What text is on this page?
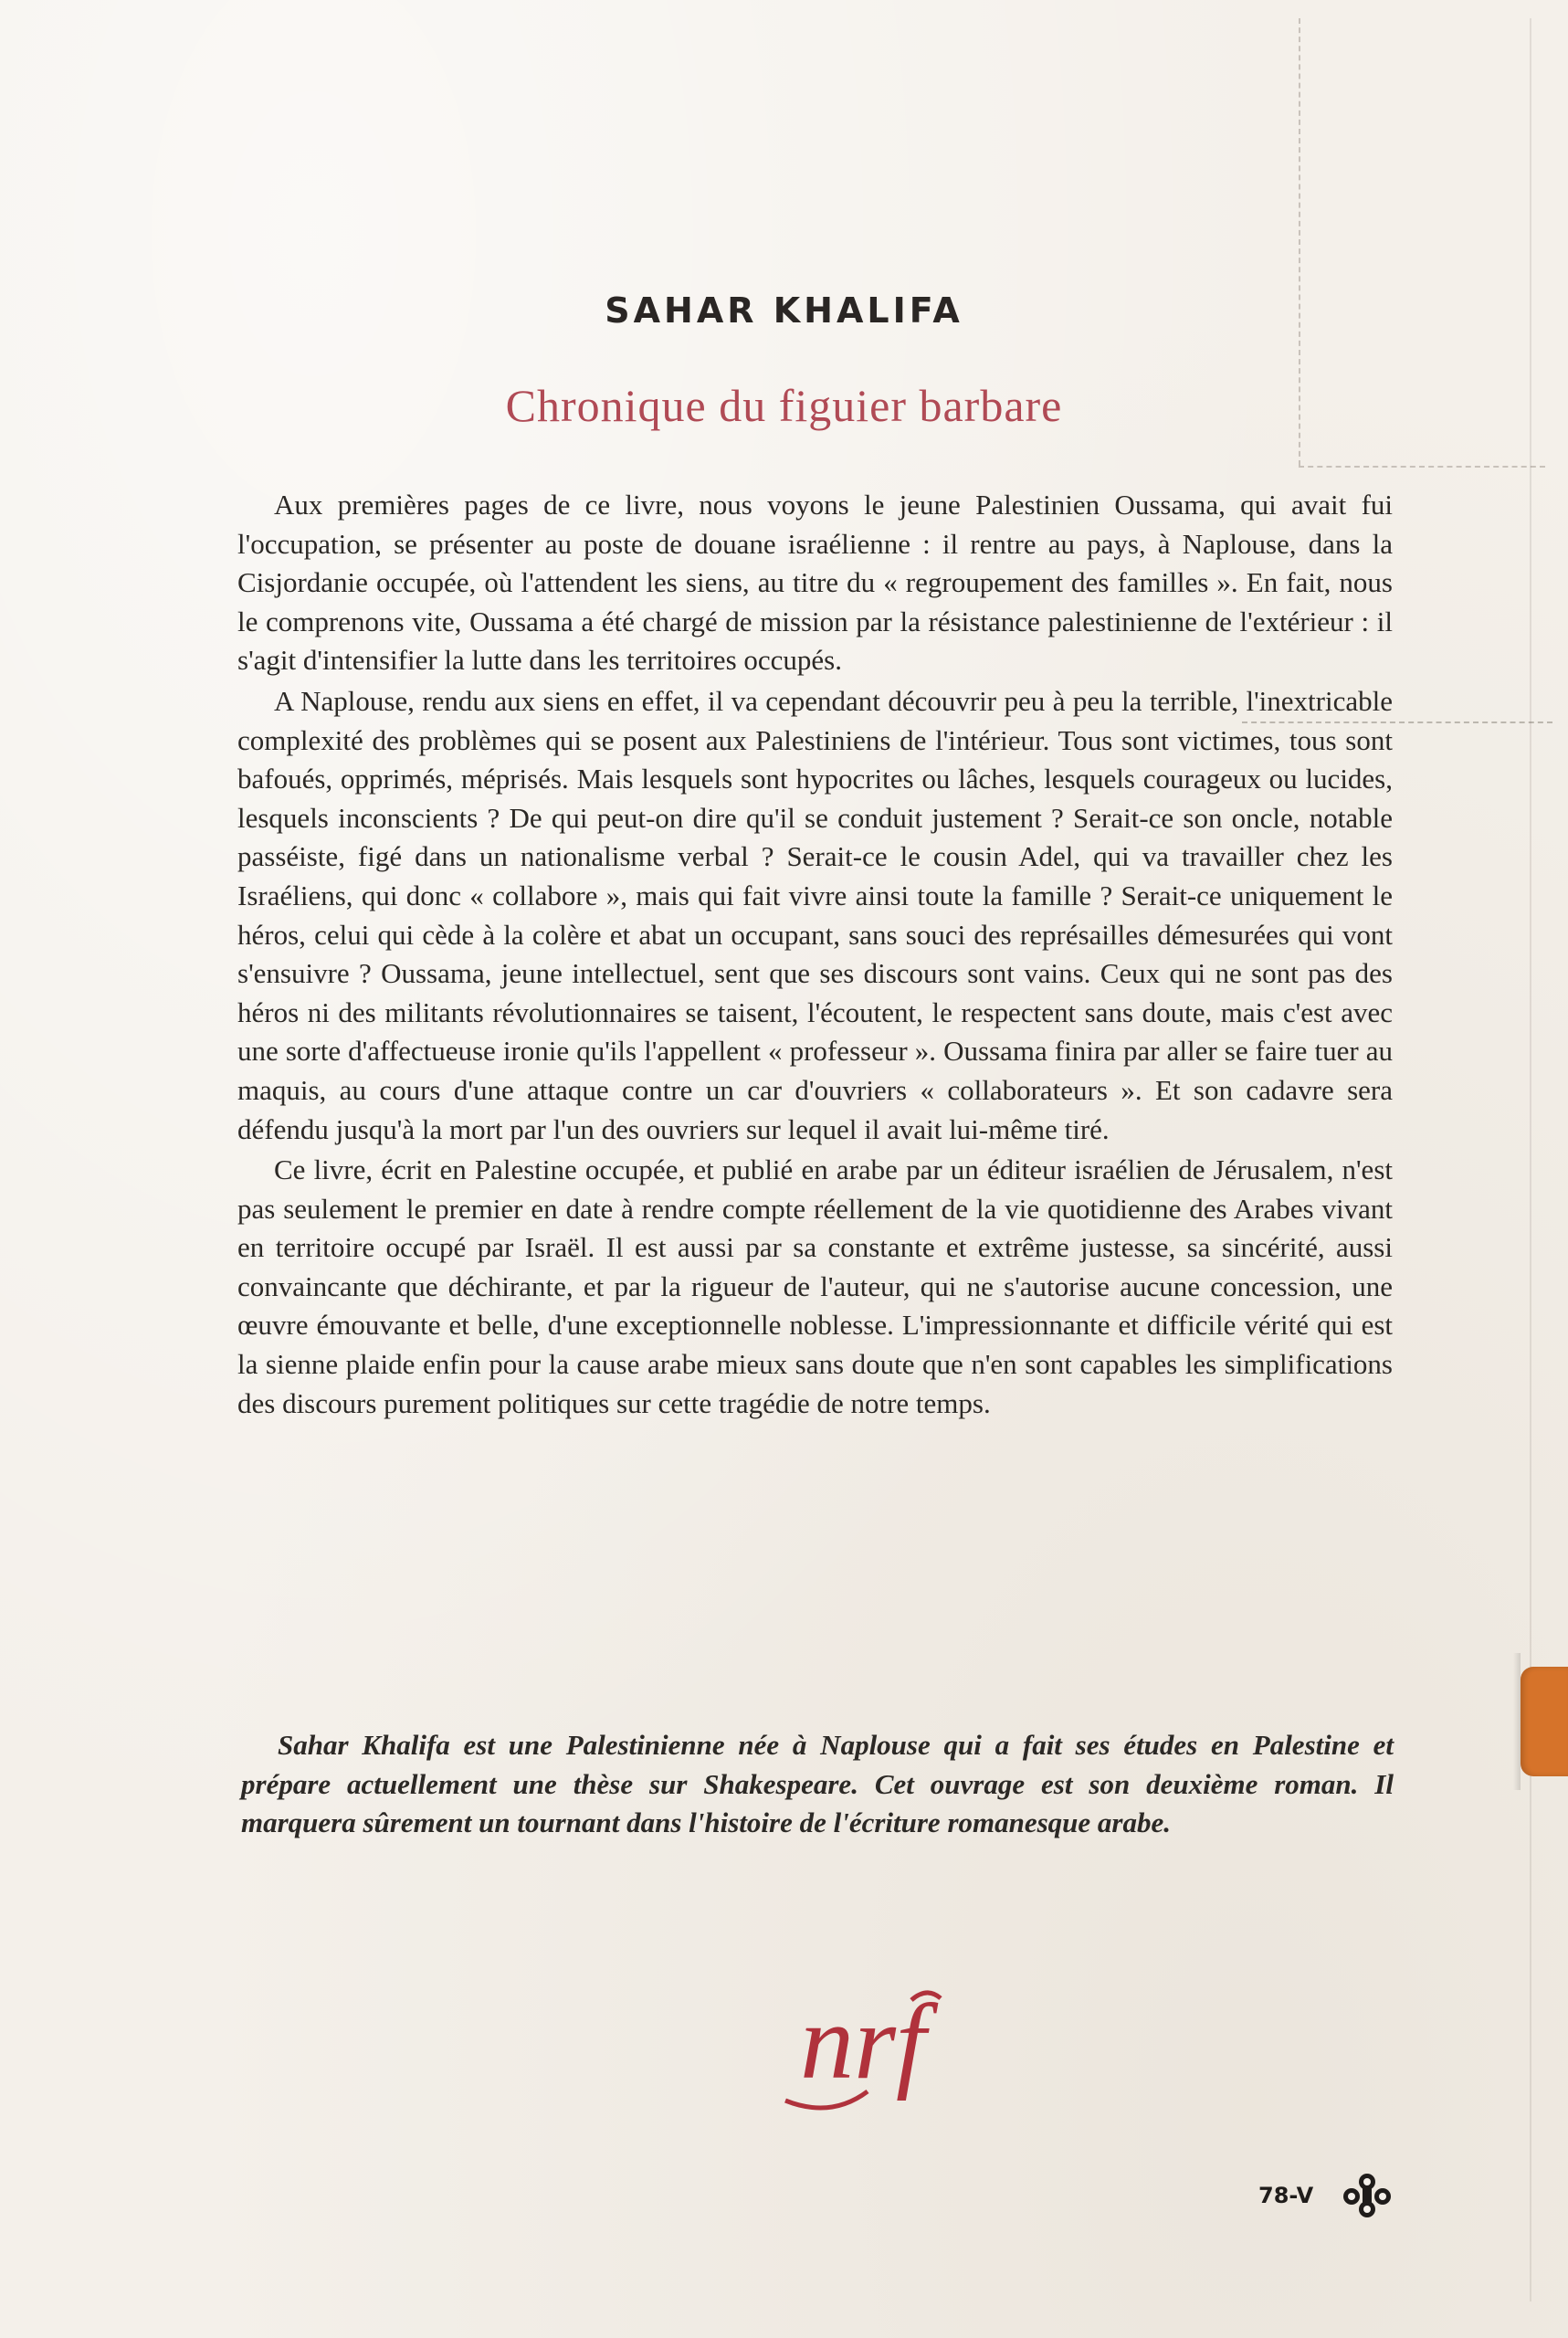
SAHAR KHALIFA
Chronique du figuier barbare

Aux premières pages de ce livre, nous voyons le jeune Palestinien Oussama, qui avait fui l'occupation, se présenter au poste de douane israélienne : il rentre au pays, à Naplouse, dans la Cisjordanie occupée, où l'attendent les siens, au titre du « regroupement des familles ». En fait, nous le comprenons vite, Oussama a été chargé de mission par la résistance palestinienne de l'extérieur : il s'agit d'intensifier la lutte dans les territoires occupés.

A Naplouse, rendu aux siens en effet, il va cependant découvrir peu à peu la terrible, l'inextricable complexité des problèmes qui se posent aux Palestiniens de l'intérieur. Tous sont victimes, tous sont bafoués, opprimés, méprisés. Mais lesquels sont hypocrites ou lâches, lesquels courageux ou lucides, lesquels inconscients ? De qui peut-on dire qu'il se conduit justement ? Serait-ce son oncle, notable passéiste, figé dans un nationalisme verbal ? Serait-ce le cousin Adel, qui va travailler chez les Israéliens, qui donc « collabore », mais qui fait vivre ainsi toute la famille ? Serait-ce uniquement le héros, celui qui cède à la colère et abat un occupant, sans souci des représailles démesurées qui vont s'ensuivre ? Oussama, jeune intellectuel, sent que ses discours sont vains. Ceux qui ne sont pas des héros ni des militants révolutionnaires se taisent, l'écoutent, le respectent sans doute, mais c'est avec une sorte d'affectueuse ironie qu'ils l'appellent « professeur ». Oussama finira par aller se faire tuer au maquis, au cours d'une attaque contre un car d'ouvriers « collaborateurs ». Et son cadavre sera défendu jusqu'à la mort par l'un des ouvriers sur lequel il avait lui-même tiré.

Ce livre, écrit en Palestine occupée, et publié en arabe par un éditeur israélien de Jérusalem, n'est pas seulement le premier en date à rendre compte réellement de la vie quotidienne des Arabes vivant en territoire occupé par Israël. Il est aussi par sa constante et extrême justesse, sa sincérité, aussi convaincante que déchirante, et par la rigueur de l'auteur, qui ne s'autorise aucune concession, une œuvre émouvante et belle, d'une exceptionnelle noblesse. L'impressionnante et difficile vérité qui est la sienne plaide enfin pour la cause arabe mieux sans doute que n'en sont capables les simplifications des discours purement politiques sur cette tragédie de notre temps.

Sahar Khalifa est une Palestinienne née à Naplouse qui a fait ses études en Palestine et prépare actuellement une thèse sur Shakespeare. Cet ouvrage est son deuxième roman. Il marquera sûrement un tournant dans l'histoire de l'écriture romanesque arabe.
nrf
78-V
